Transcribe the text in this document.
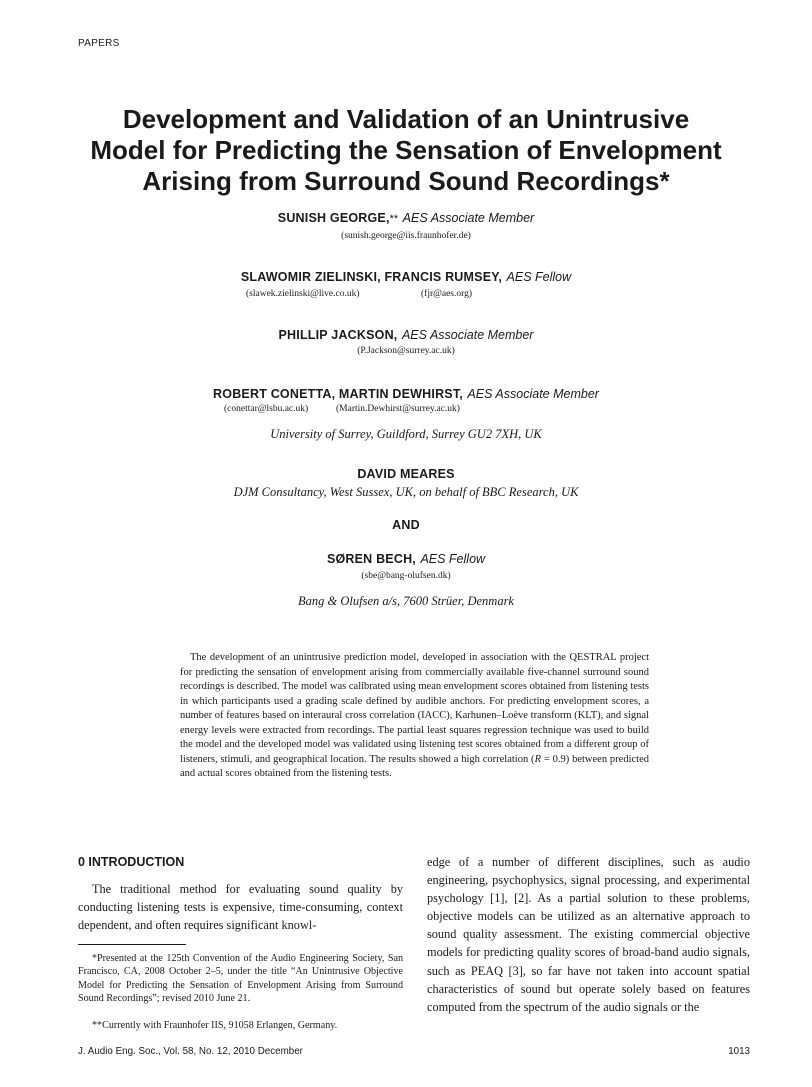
PAPERS
Development and Validation of an Unintrusive
Model for Predicting the Sensation of Envelopment
Arising from Surround Sound Recordings*
SUNISH GEORGE,** AES Associate Member
(sunish.george@iis.fraunhofer.de)
SLAWOMIR ZIELINSKI, FRANCIS RUMSEY, AES Fellow
(slawek.zielinski@live.co.uk)	(fjr@aes.org)
PHILLIP JACKSON, AES Associate Member
(P.Jackson@surrey.ac.uk)
ROBERT CONETTA, MARTIN DEWHIRST, AES Associate Member
(conettar@lsbu.ac.uk)	(Martin.Dewhirst@surrey.ac.uk)
University of Surrey, Guildford, Surrey GU2 7XH, UK
DAVID MEARES
DJM Consultancy, West Sussex, UK, on behalf of BBC Research, UK
AND
SØREN BECH, AES Fellow
(sbe@bang-olufsen.dk)
Bang & Olufsen a/s, 7600 Strüer, Denmark
The development of an unintrusive prediction model, developed in association with the QESTRAL project for predicting the sensation of envelopment arising from commercially available five-channel surround sound recordings is described. The model was calibrated using mean envelopment scores obtained from listening tests in which participants used a grading scale defined by audible anchors. For predicting envelopment scores, a number of features based on interaural cross correlation (IACC), Karhunen–Loève transform (KLT), and signal energy levels were extracted from recordings. The partial least squares regression technique was used to build the model and the developed model was validated using listening test scores obtained from a different group of listeners, stimuli, and geographical location. The results showed a high correlation (R = 0.9) between predicted and actual scores obtained from the listening tests.
0 INTRODUCTION
The traditional method for evaluating sound quality by conducting listening tests is expensive, time-consuming, context dependent, and often requires significant knowl-
*Presented at the 125th Convention of the Audio Engineering Society, San Francisco, CA, 2008 October 2–5, under the title “An Unintrusive Objective Model for Predicting the Sensation of Envelopment Arising from Surround Sound Recordings”; revised 2010 June 21.
**Currently with Fraunhofer IIS, 91058 Erlangen, Germany.
edge of a number of different disciplines, such as audio engineering, psychophysics, signal processing, and experimental psychology [1], [2]. As a partial solution to these problems, objective models can be utilized as an alternative approach to sound quality assessment. The existing commercial objective models for predicting quality scores of broad-band audio signals, such as PEAQ [3], so far have not taken into account spatial characteristics of sound but operate solely based on features computed from the spectrum of the audio signals or the
J. Audio Eng. Soc., Vol. 58, No. 12, 2010 December	1013
